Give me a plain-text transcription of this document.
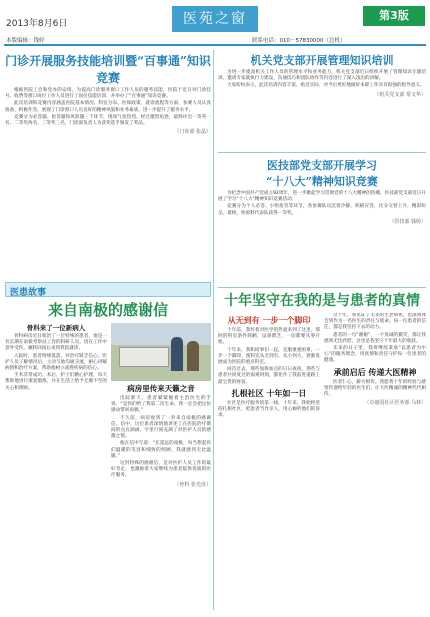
2013年8月6日
本版编辑：钱婷
医苑之窗	第3版
联系电话：010－57830000（总机）
门诊开展服务技能培训暨“百事通”知识竞赛

根据医院工会和党办的安排，为提高门诊服务窗口工作人员的服务技能，医院于近日对门诊挂号、收费等窗口岗位工作人员进行了岗位技能培训，并举办了“百事通”知识竞赛。

此次培训和竞赛内容涵盖医院基本情况、科室分布、医保政策、就诊流程等方面，参赛人员认真准备，积极作答，展现了门诊窗口人员良好的精神风貌和业务素质，进一步提升了服务水平。

竞赛分为必答题、抢答题和风险题三个环节，现场气氛热烈。经过激烈角逐，最终评出一等奖一名、二等奖两名、三等奖三名，门诊部负责人为获奖选手颁发了奖品。

（门诊部 张晶）
医患故事
来自南极的感谢信
骨科来了一位新病人

骨科病房近日收治了一位特殊的患者，他是一名长期在南极考察站工作的科研人员，因在工作中意外受伤，辗转回国后来到我院就诊。

入院时，患者情绪低落，对治疗缺乏信心。医护人员了解情况后，主动与他沟通交流，耐心讲解病情和治疗方案，帮助他树立战胜疾病的信心。

手术非常成功。术后，护士们精心护理，每天帮助他进行康复锻炼，并在生活上给予无微不至的关心和照顾。	病房里传来天籁之音

出院那天，患者紧紧握着主治医生的手说：“是你们给了我第二次生命，我一定会把这份感动带回南极。”

不久前，病房收到了一封来自南极的感谢信。信中，这位患者深情地讲述了在医院治疗期间的点点滴滴，字里行间充满了对医护人员的感激之情。

他在信中写道：“在遥远的南极，每当想起你们温暖的笑容和细致的照顾，我就感到无比温暖。”

这封特殊的感谢信，是对医护人员工作的最好肯定，也激励着大家继续为患者提供优质的医疗服务。

（骨科 张光虎）
机关党支部开展管理知识培训

为进一步提高机关工作人员的管理水平和业务能力，机关党支部近日组织开展了管理知识专题培训，邀请专家就执行力建设、沟通技巧和团队协作等内容进行了深入浅出的讲解。

大家纷纷表示，此次培训内容丰富、贴近实际，对今后更好地做好本职工作具有很强的指导意义。

（机关党支部 常文华）
医技部党支部开展学习
“十八大”精神知识竞赛

为纪念中国共产党成立92周年，进一步掀起学习贯彻党的十八大精神的热潮，医技部党支部近日开展了学习“十八大”精神知识竞赛活动。

竞赛分为个人必答、小组抢答等环节，各参赛队员沉着冷静、积极应答，比分交替上升，精彩纷呈。最终，检验科代表队获得一等奖。

（医技部 钱婷）
十年坚守在我的是与患者的真情
从无到有 一步一个脚印

十年前，我怀着对医学的热爱来到了这里，那时的科室条件简陋，设备匮乏，一切都要从零开始。

十年来，我和同事们一起，克服重重困难，一步一个脚印，使科室从无到有、从小到大，逐渐发展成为医院的重点科室。

回首过去，那些加班加点的日日夜夜，那些与患者共同度过的艰难时刻，都化作了我前进道路上最宝贵的财富。

扎根社区 十年如一日

社区是医疗服务的第一线，十年来，我始终坚持扎根社区，把患者当作亲人，用心倾听他们的诉求。

这十年，我见证了太多的生老病死，也深刻体会到作为一名医生的责任与使命。每一位患者的信任，都是我坚持下去的动力。

患者的一句“谢谢”，一个真诚的微笑，都让我感到无比欣慰，这也是我坚守十年最大的收获。

未来的日子里，我将继续秉承“以患者为中心”的服务理念，用真情和责任守护每一位患者的健康。

承前启后 传递大医精神

医者仁心，薪火相传。我愿将十年的经验与感悟传递给年轻的医生们，让大医精诚的精神代代相传。

（卓丽国社区医务部 马林）
